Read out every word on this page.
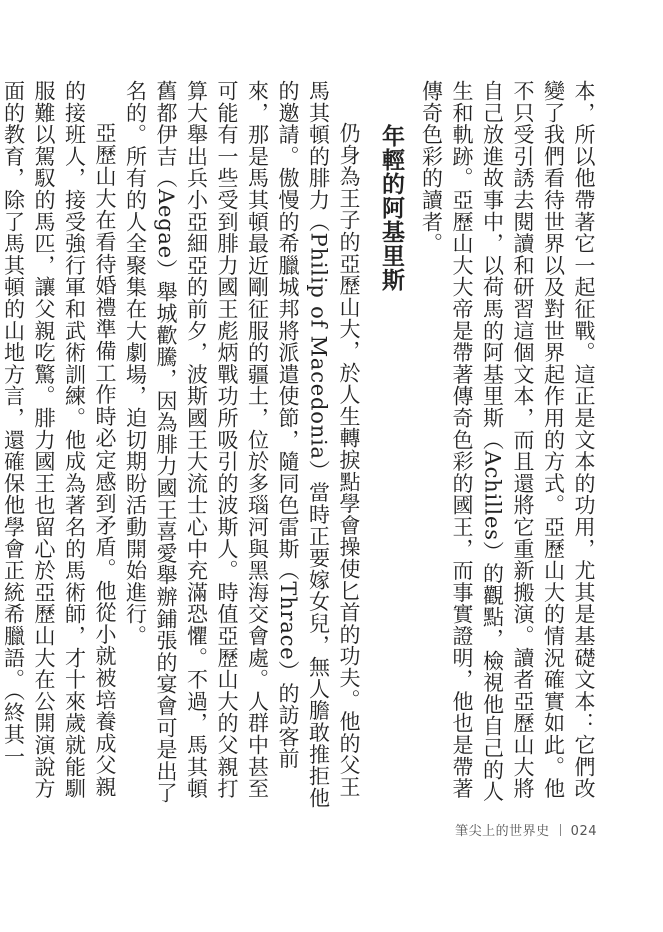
本，所以他帶著它一起征戰。這正是文本的功用，尤其是基礎文本：它們改變了我們看待世界以及對世界起作用的方式。亞歷山大的情況確實如此。他不只受引誘去閱讀和研習這個文本，而且還將它重新搬演。讀者亞歷山大將自己放進故事中，以荷馬的阿基里斯（Achilles）的觀點，檢視他自己的人生和軌跡。亞歷山大大帝是帶著傳奇色彩的國王，而事實證明，他也是帶著傳奇色彩的讀者。

年輕的阿基里斯

仍身為王子的亞歷山大，於人生轉捩點學會操使匕首的功夫。他的父王馬其頓的腓力（Philip of Macedonia）當時正要嫁女兒，無人膽敢推拒他的邀請。傲慢的希臘城邦將派遣使節，隨同色雷斯（Thrace）的訪客前來，那是馬其頓最近剛征服的疆土，位於多瑙河與黑海交會處。人群中甚至可能有一些受到腓力國王彪炳戰功所吸引的波斯人。時值亞歷山大的父親打算大舉出兵小亞細亞的前夕，波斯國王大流士心中充滿恐懼。不過，馬其頓舊都伊吉（Aegae）舉城歡騰，因為腓力國王喜愛舉辦鋪張的宴會可是出了名的。所有的人全聚集在大劇場，迫切期盼活動開始進行。

亞歷山大在看待婚禮準備工作時必定感到矛盾。他從小就被培養成父親的接班人，接受強行軍和武術訓練。他成為著名的馬術師，才十來歲就能馴服難以駕馭的馬匹，讓父親吃驚。腓力國王也留心於亞歷山大在公開演說方面的教育，除了馬其頓的山地方言，還確保他學會正統希臘語。（終其一

筆尖上的世界史 024
